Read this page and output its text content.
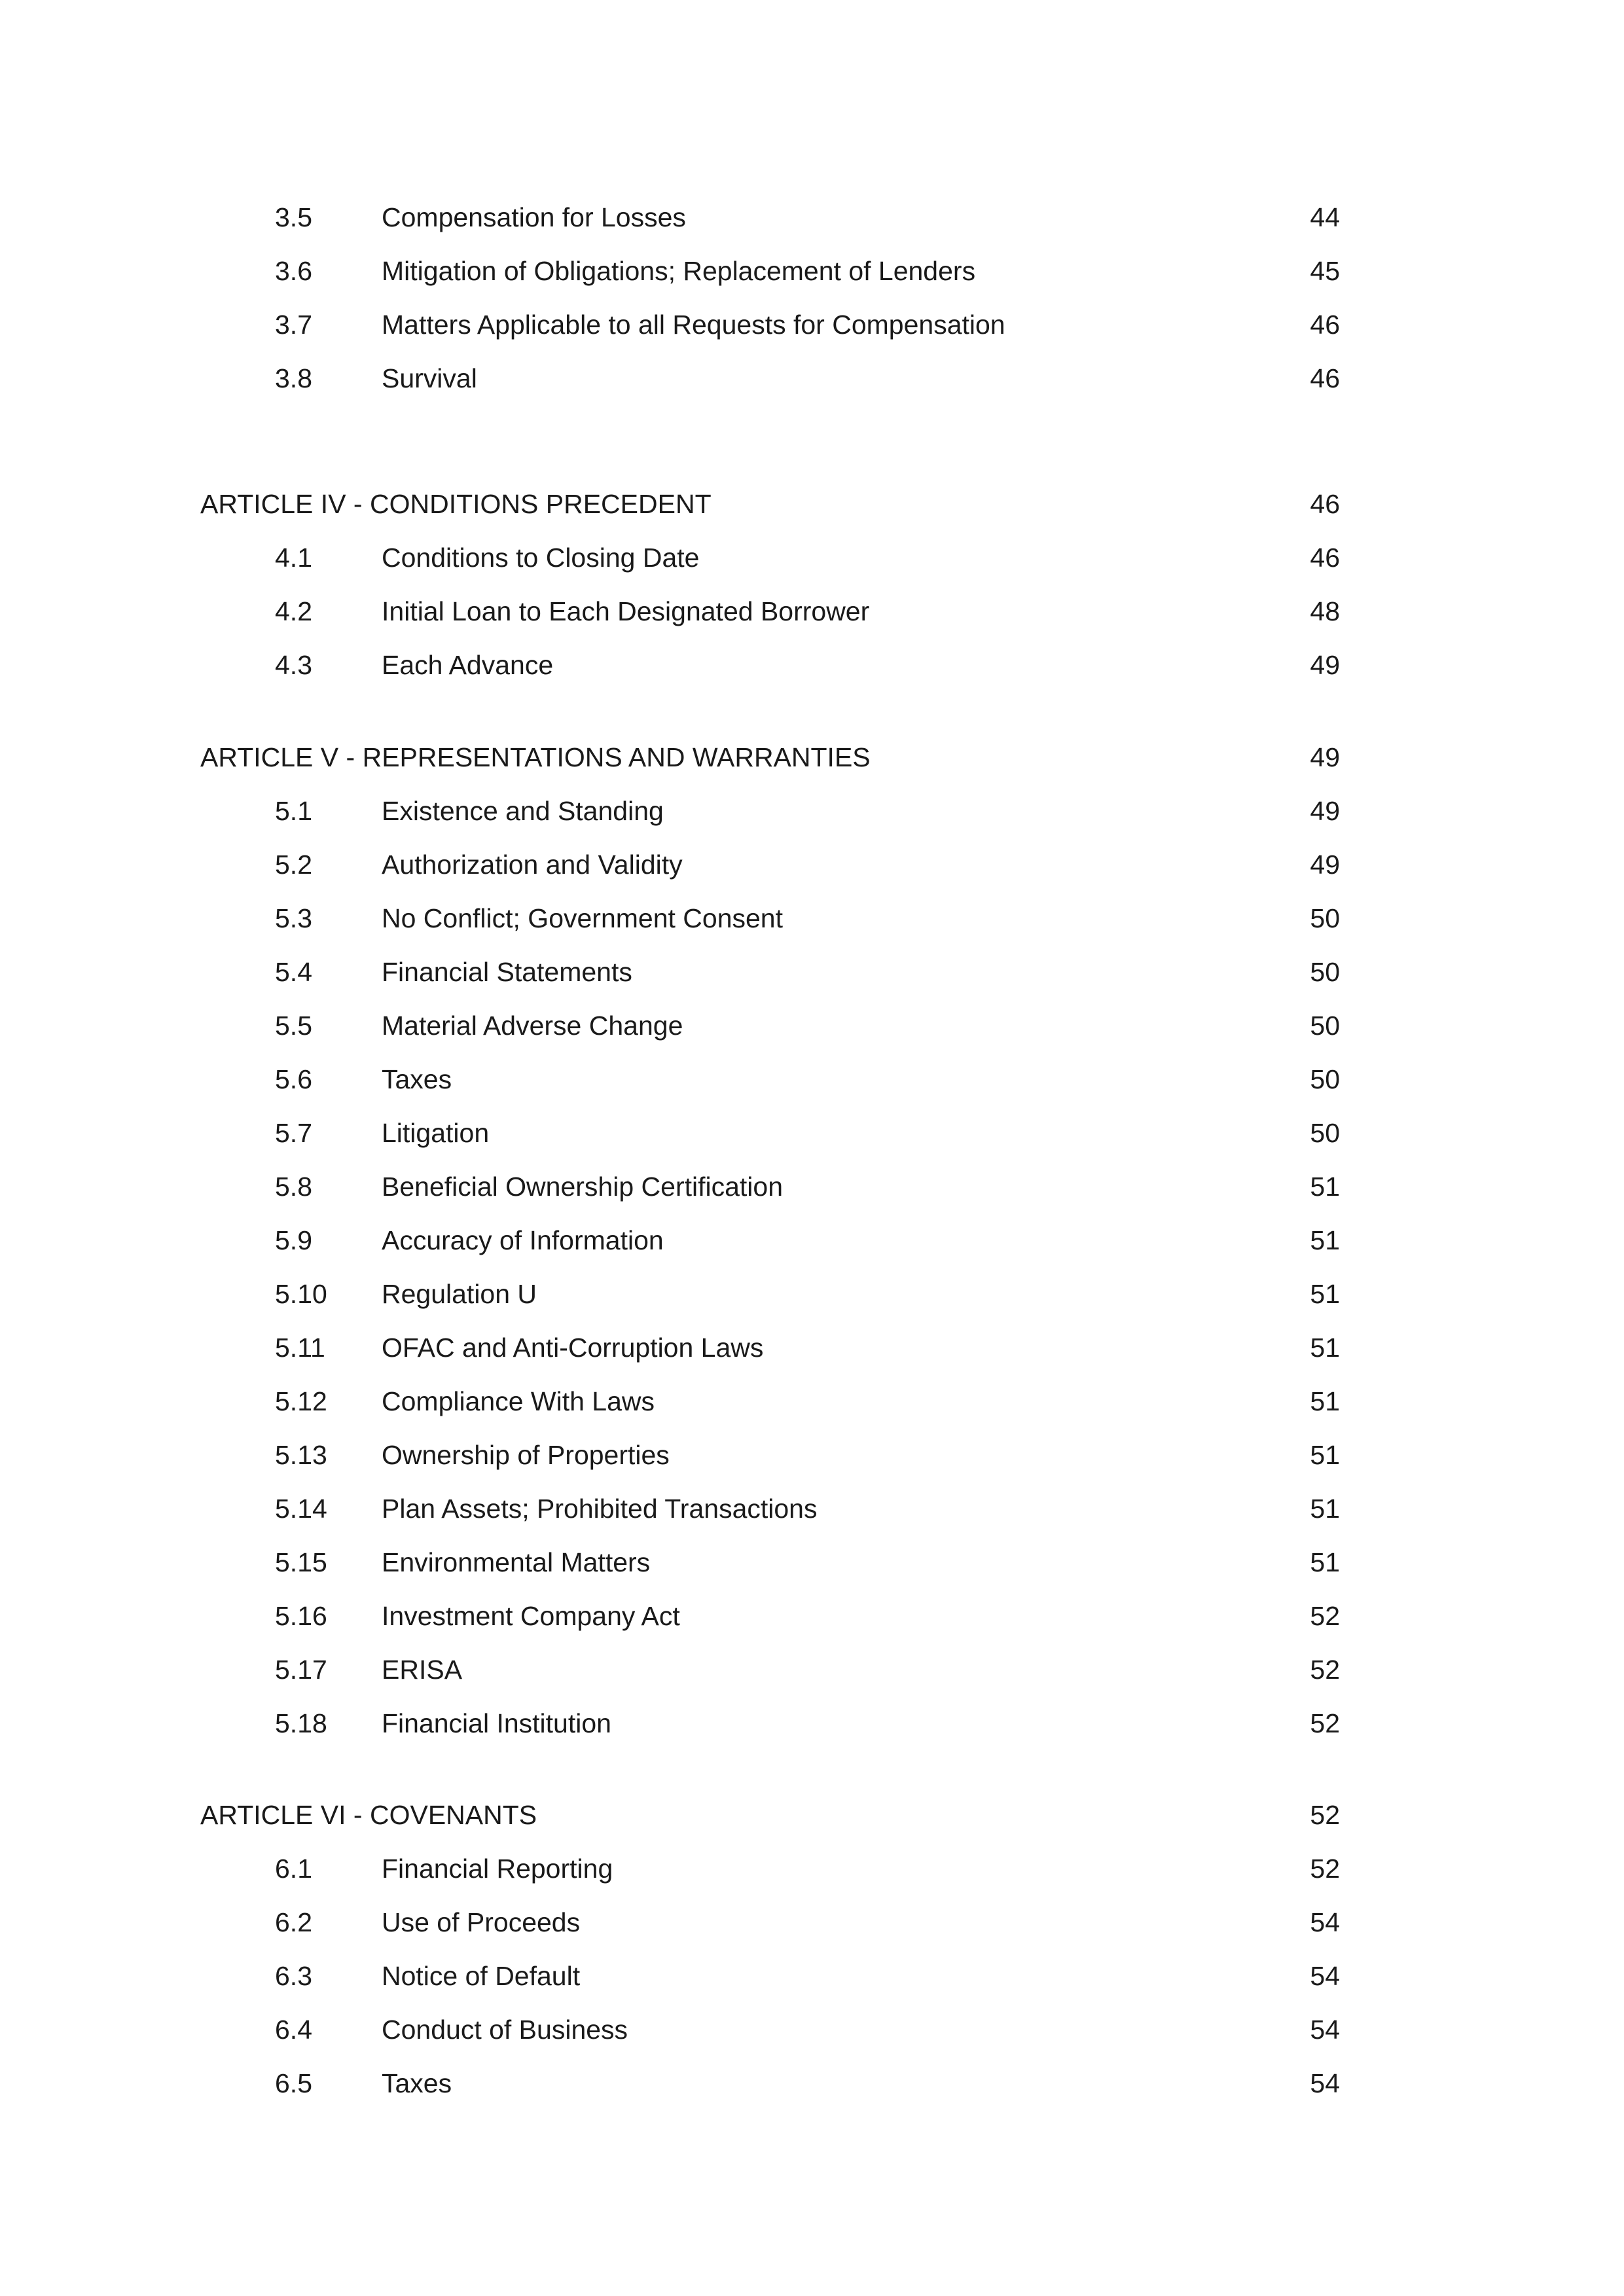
3.5	Compensation for Losses	44
3.6	Mitigation of Obligations; Replacement of Lenders	45
3.7	Matters Applicable to all Requests for Compensation	46
3.8	Survival	46
ARTICLE IV - CONDITIONS PRECEDENT	46
4.1	Conditions to Closing Date	46
4.2	Initial Loan to Each Designated Borrower	48
4.3	Each Advance	49
ARTICLE V - REPRESENTATIONS AND WARRANTIES	49
5.1	Existence and Standing	49
5.2	Authorization and Validity	49
5.3	No Conflict; Government Consent	50
5.4	Financial Statements	50
5.5	Material Adverse Change	50
5.6	Taxes	50
5.7	Litigation	50
5.8	Beneficial Ownership Certification	51
5.9	Accuracy of Information	51
5.10 Regulation U	51
5.11 OFAC and Anti-Corruption Laws	51
5.12 Compliance With Laws	51
5.13 Ownership of Properties	51
5.14 Plan Assets; Prohibited Transactions	51
5.15 Environmental Matters	51
5.16 Investment Company Act	52
5.17 ERISA	52
5.18 Financial Institution	52
ARTICLE VI - COVENANTS	52
6.1	Financial Reporting	52
6.2	Use of Proceeds	54
6.3	Notice of Default	54
6.4	Conduct of Business	54
6.5	Taxes	54
